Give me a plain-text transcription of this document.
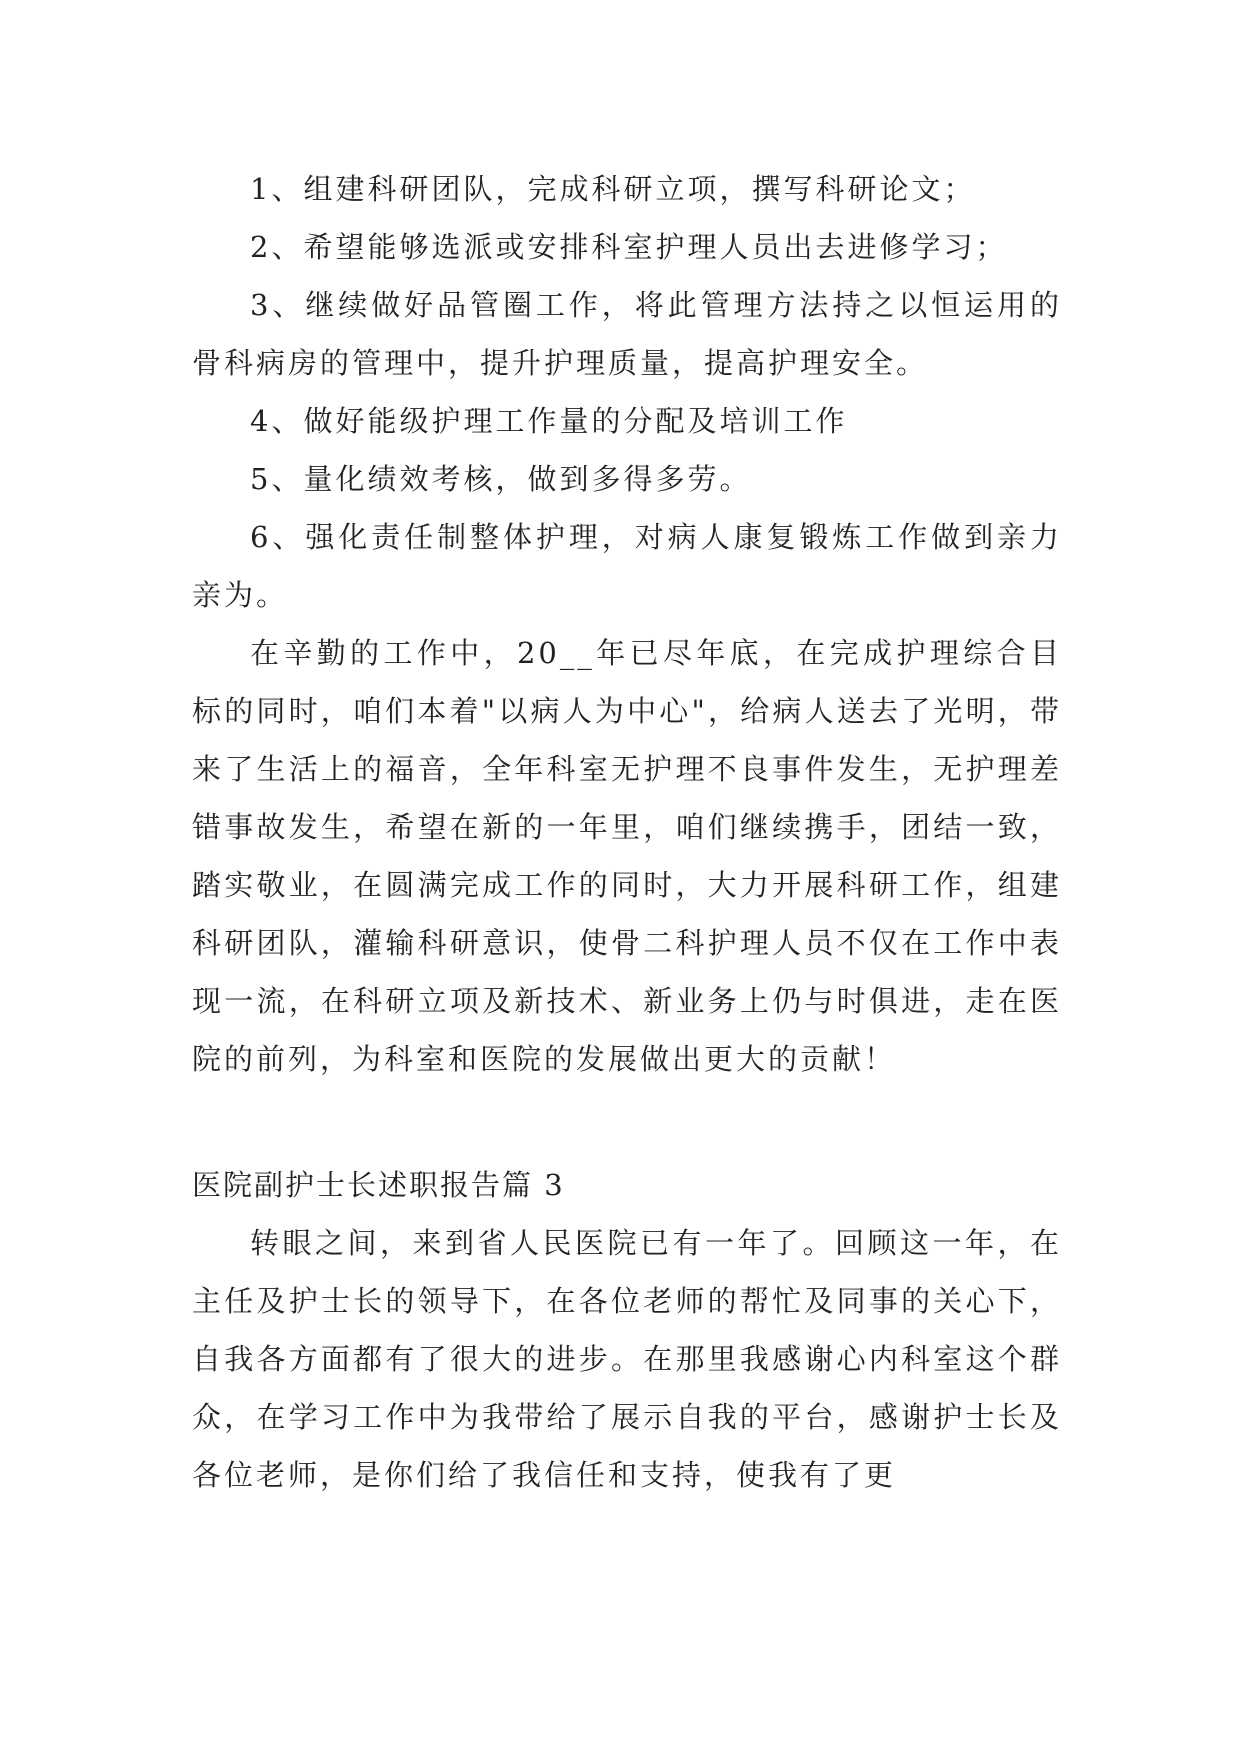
1、组建科研团队，完成科研立项，撰写科研论文；

2、希望能够选派或安排科室护理人员出去进修学习；

3、继续做好品管圈工作，将此管理方法持之以恒运用的骨科病房的管理中，提升护理质量，提高护理安全。

4、做好能级护理工作量的分配及培训工作

5、量化绩效考核，做到多得多劳。

6、强化责任制整体护理，对病人康复锻炼工作做到亲力亲为。

在辛勤的工作中，20__年已尽年底，在完成护理综合目标的同时，咱们本着"以病人为中心"，给病人送去了光明，带来了生活上的福音，全年科室无护理不良事件发生，无护理差错事故发生，希望在新的一年里，咱们继续携手，团结一致，踏实敬业，在圆满完成工作的同时，大力开展科研工作，组建科研团队，灌输科研意识，使骨二科护理人员不仅在工作中表现一流，在科研立项及新技术、新业务上仍与时俱进，走在医院的前列，为科室和医院的发展做出更大的贡献！

医院副护士长述职报告篇 3

转眼之间，来到省人民医院已有一年了。回顾这一年，在主任及护士长的领导下，在各位老师的帮忙及同事的关心下，自我各方面都有了很大的进步。在那里我感谢心内科室这个群众，在学习工作中为我带给了展示自我的平台，感谢护士长及各位老师，是你们给了我信任和支持，使我有了更
